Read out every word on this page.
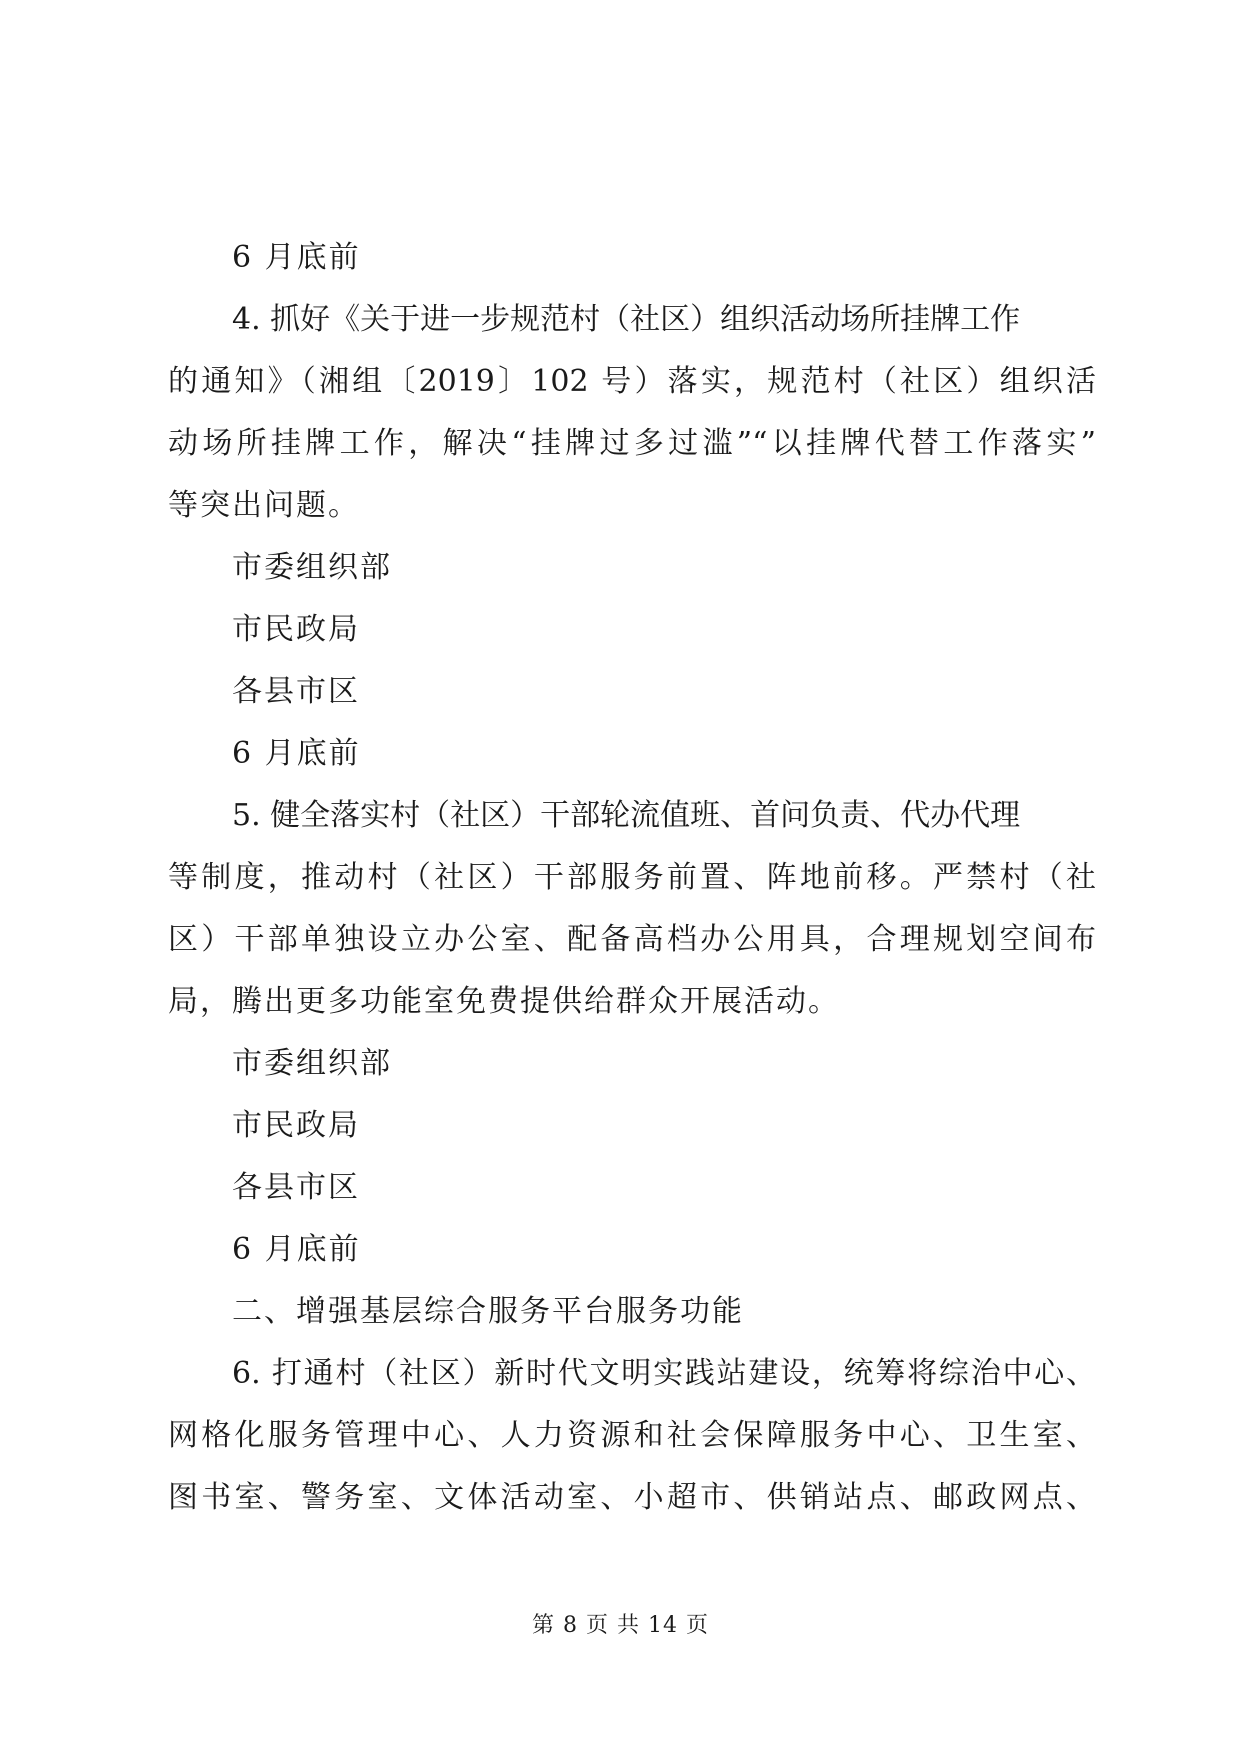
6 月底前
4. 抓好《关于进一步规范村（社区）组织活动场所挂牌工作
的通知》（湘组〔2019〕102 号）落实，规范村（社区）组织活
动场所挂牌工作，解决“挂牌过多过滥”“以挂牌代替工作落实”
等突出问题。
市委组织部
市民政局
各县市区
6 月底前
5. 健全落实村（社区）干部轮流值班、首问负责、代办代理
等制度，推动村（社区）干部服务前置、阵地前移。严禁村（社
区）干部单独设立办公室、配备高档办公用具，合理规划空间布
局，腾出更多功能室免费提供给群众开展活动。
市委组织部
市民政局
各县市区
6 月底前
二、增强基层综合服务平台服务功能
6. 打通村（社区）新时代文明实践站建设，统筹将综治中心、
网格化服务管理中心、人力资源和社会保障服务中心、卫生室、
图书室、警务室、文体活动室、小超市、供销站点、邮政网点、
第 8 页 共 14 页
